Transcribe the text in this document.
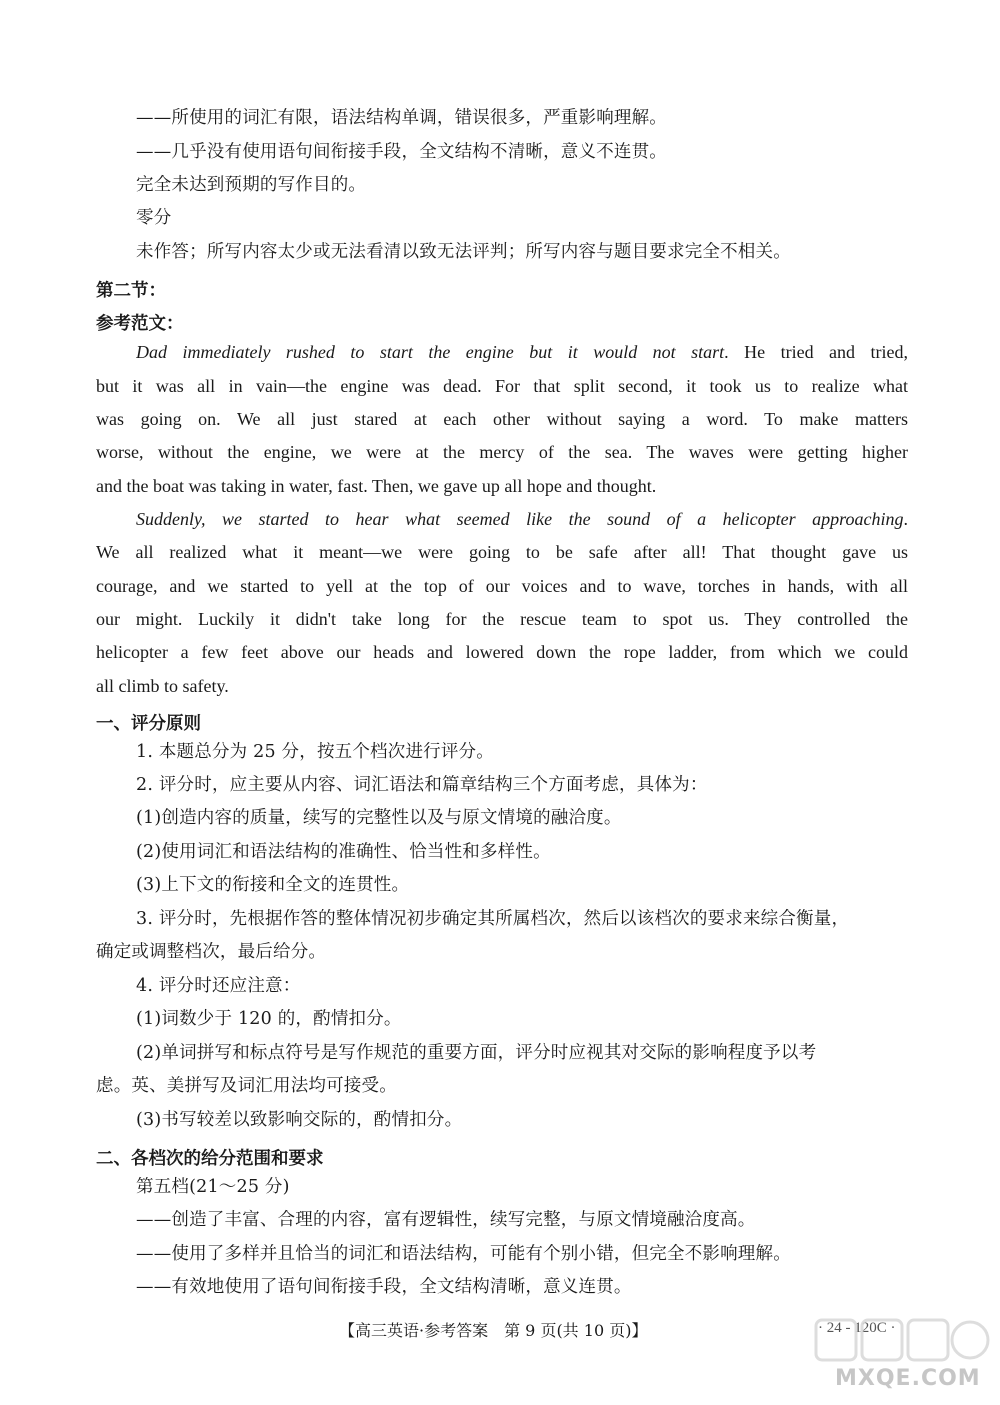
——所使用的词汇有限，语法结构单调，错误很多，严重影响理解。
——几乎没有使用语句间衔接手段，全文结构不清晰，意义不连贯。
完全未达到预期的写作目的。
零分
未作答；所写内容太少或无法看清以致无法评判；所写内容与题目要求完全不相关。
第二节：
参考范文：
Dad immediately rushed to start the engine but it would not start. He tried and tried,
but it was all in vain—the engine was dead. For that split second, it took us to realize what
was going on. We all just stared at each other without saying a word. To make matters
worse, without the engine, we were at the mercy of the sea. The waves were getting higher
and the boat was taking in water, fast. Then, we gave up all hope and thought.
Suddenly, we started to hear what seemed like the sound of a helicopter approaching.
We all realized what it meant—we were going to be safe after all! That thought gave us
courage, and we started to yell at the top of our voices and to wave, torches in hands, with all
our might. Luckily it didn't take long for the rescue team to spot us. They controlled the
helicopter a few feet above our heads and lowered down the rope ladder, from which we could
all climb to safety.
一、评分原则
1. 本题总分为 25 分，按五个档次进行评分。
2. 评分时，应主要从内容、词汇语法和篇章结构三个方面考虑，具体为：
(1)创造内容的质量，续写的完整性以及与原文情境的融洽度。
(2)使用词汇和语法结构的准确性、恰当性和多样性。
(3)上下文的衔接和全文的连贯性。
3. 评分时，先根据作答的整体情况初步确定其所属档次，然后以该档次的要求来综合衡量，
确定或调整档次，最后给分。
4. 评分时还应注意：
(1)词数少于 120 的，酌情扣分。
(2)单词拼写和标点符号是写作规范的重要方面，评分时应视其对交际的影响程度予以考
虑。英、美拼写及词汇用法均可接受。
(3)书写较差以致影响交际的，酌情扣分。
二、各档次的给分范围和要求
第五档(21～25 分)
——创造了丰富、合理的内容，富有逻辑性，续写完整，与原文情境融洽度高。
——使用了多样并且恰当的词汇和语法结构，可能有个别小错，但完全不影响理解。
——有效地使用了语句间衔接手段，全文结构清晰，意义连贯。
【高三英语·参考答案　第 9 页(共 10 页)】	· 24 - 120C ·
MXQE.COM
